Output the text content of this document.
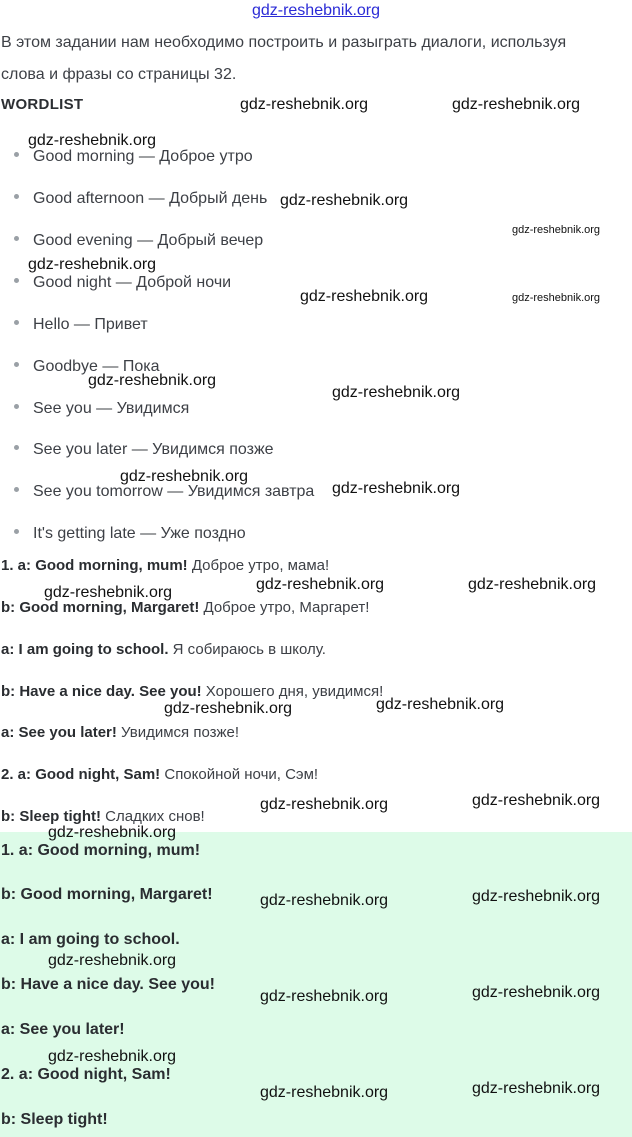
gdz-reshebnik.org
В этом задании нам необходимо построить и разыграть диалоги, используя
слова и фразы со страницы 32.
WORDLIST
Good morning — Доброе утро
Good afternoon — Добрый день
Good evening — Добрый вечер
Good night — Доброй ночи
Hello — Привет
Goodbye — Пока
See you — Увидимся
See you later — Увидимся позже
See you tomorrow — Увидимся завтра
It's getting late — Уже поздно
1. a: Good morning, mum! Доброе утро, мама!
b: Good morning, Margaret! Доброе утро, Маргарет!
a: I am going to school. Я собираюсь в школу.
b: Have a nice day. See you! Хорошего дня, увидимся!
a: See you later! Увидимся позже!
2. a: Good night, Sam! Спокойной ночи, Сэм!
b: Sleep tight! Сладких снов!
1. a: Good morning, mum!
b: Good morning, Margaret!
a: I am going to school.
b: Have a nice day. See you!
a: See you later!
2. a: Good night, Sam!
b: Sleep tight!
gdz-reshebnik.org	gdz-reshebnik.org
gdz-reshebnik.org
gdz-reshebnik.org
gdz-reshebnik.org
gdz-reshebnik.org
gdz-reshebnik.org	gdz-reshebnik.org
gdz-reshebnik.org
gdz-reshebnik.org
gdz-reshebnik.org
gdz-reshebnik.org
gdz-reshebnik.org	gdz-reshebnik.org
gdz-reshebnik.org
gdz-reshebnik.org
gdz-reshebnik.org
gdz-reshebnik.org
gdz-reshebnik.org
gdz-reshebnik.org
gdz-reshebnik.org
gdz-reshebnik.org
gdz-reshebnik.org
gdz-reshebnik.org
gdz-reshebnik.org
gdz-reshebnik.org
gdz-reshebnik.org
gdz-reshebnik.org
